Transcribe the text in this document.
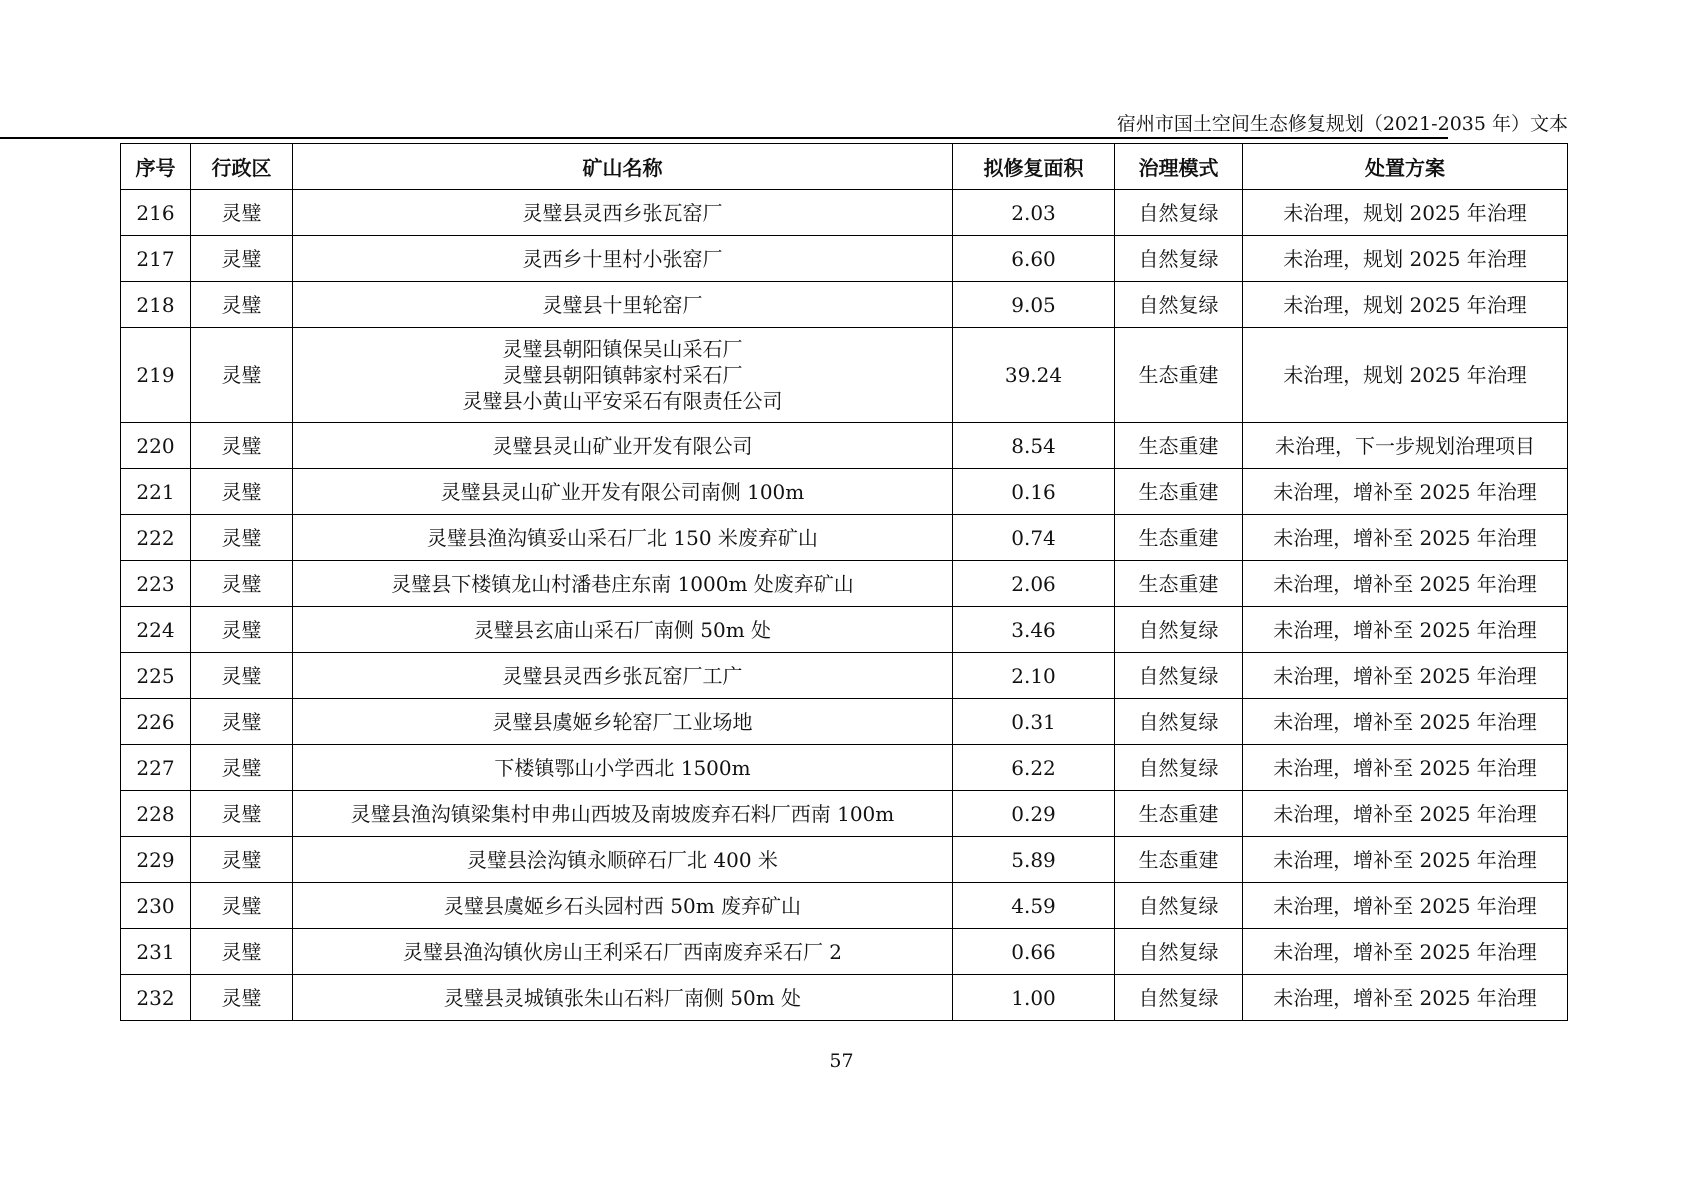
宿州市国土空间生态修复规划（2021-2035 年）文本
序号	行政区	矿山名称	拟修复面积	治理模式	处置方案
216	灵璧	灵璧县灵西乡张瓦窑厂	2.03	自然复绿	未治理，规划 2025 年治理
217	灵璧	灵西乡十里村小张窑厂	6.60	自然复绿	未治理，规划 2025 年治理
218	灵璧	灵璧县十里轮窑厂	9.05	自然复绿	未治理，规划 2025 年治理
219	灵璧	灵璧县朝阳镇保吴山采石厂
灵璧县朝阳镇韩家村采石厂
灵璧县小黄山平安采石有限责任公司	39.24	生态重建	未治理，规划 2025 年治理
220	灵璧	灵璧县灵山矿业开发有限公司	8.54	生态重建	未治理，下一步规划治理项目
221	灵璧	灵璧县灵山矿业开发有限公司南侧 100m	0.16	生态重建	未治理，增补至 2025 年治理
222	灵璧	灵璧县渔沟镇妥山采石厂北 150 米废弃矿山	0.74	生态重建	未治理，增补至 2025 年治理
223	灵璧	灵璧县下楼镇龙山村潘巷庄东南 1000m 处废弃矿山	2.06	生态重建	未治理，增补至 2025 年治理
224	灵璧	灵璧县玄庙山采石厂南侧 50m 处	3.46	自然复绿	未治理，增补至 2025 年治理
225	灵璧	灵璧县灵西乡张瓦窑厂工广	2.10	自然复绿	未治理，增补至 2025 年治理
226	灵璧	灵璧县虞姬乡轮窑厂工业场地	0.31	自然复绿	未治理，增补至 2025 年治理
227	灵璧	下楼镇鄂山小学西北 1500m	6.22	自然复绿	未治理，增补至 2025 年治理
228	灵璧	灵璧县渔沟镇梁集村申弗山西坡及南坡废弃石料厂西南 100m	0.29	生态重建	未治理，增补至 2025 年治理
229	灵璧	灵璧县浍沟镇永顺碎石厂北 400 米	5.89	生态重建	未治理，增补至 2025 年治理
230	灵璧	灵璧县虞姬乡石头园村西 50m 废弃矿山	4.59	自然复绿	未治理，增补至 2025 年治理
231	灵璧	灵璧县渔沟镇伙房山王利采石厂西南废弃采石厂 2	0.66	自然复绿	未治理，增补至 2025 年治理
232	灵璧	灵璧县灵城镇张朱山石料厂南侧 50m 处	1.00	自然复绿	未治理，增补至 2025 年治理
57
